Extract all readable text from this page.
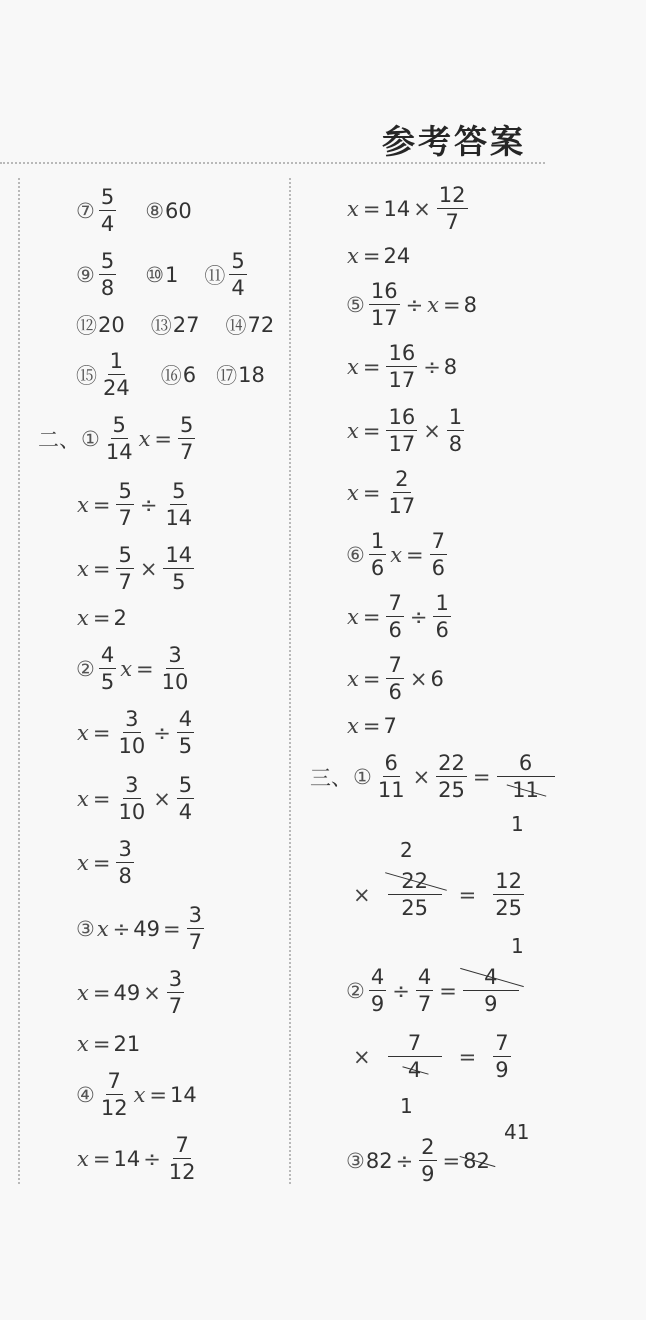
参考答案
⑦ $\frac{5}{4}$ ⑧ 60
⑨ $\frac{5}{8}$ ⑩ 1 ⑪ $\frac{5}{4}$
⑫ 20 ⑬ 27 ⑭ 72
⑮ $\frac{1}{24}$ ⑯ 6 ⑰ 18
二、 ① $\frac{5}{14}$ $x = \frac{5}{7}$
$x = \frac{5}{7} \div \frac{5}{14}$
$x = \frac{5}{7} \times \frac{14}{5}$
x = 2
② $\frac{4}{5}$ $x = \frac{3}{10}$
$x = \frac{3}{10} \div \frac{4}{5}$
$x = \frac{3}{10} \times \frac{5}{4}$
$x = \frac{3}{8}$
③ $x \div 49 = \frac{3}{7}$
$x = 49 \times \frac{3}{7}$
x = 21
④ $\frac{7}{12}$ x = 14
$x = 14 \div \frac{7}{12}$
$x = 14 \times \frac{12}{7}$
x = 24
⑤ $\frac{16}{17} \div x = 8$
$x = \frac{16}{17} \div 8$
$x = \frac{16}{17} \times \frac{1}{8}$
$x = \frac{2}{17}$
⑥ $\frac{1}{6}$ $x = \frac{7}{6}$
$x = \frac{7}{6} \div \frac{1}{6}$
$x = \frac{7}{6} \times 6$
x = 7
三、 ① $\frac{6}{11} \times \frac{22}{25} = \frac{6}{11}$
1
2
× $\frac{22}{25} = \frac{12}{25}$
1
② $\frac{4}{9} \div \frac{4}{7} = \frac{4}{9}$
× $\frac{7}{4} = \frac{7}{9}$
1
41
③ $82 \div \frac{2}{9} = 82$
